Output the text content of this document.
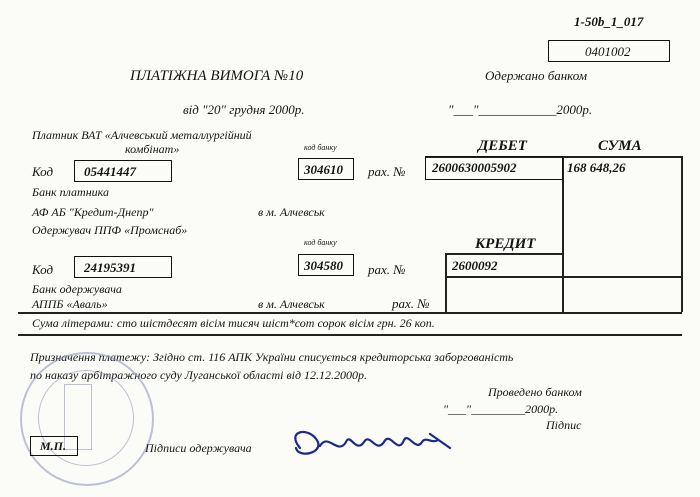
1-50b_1_017
0401002
ПЛАТІЖНА ВИМОГА №10	Одержано банком
від "20" грудня 2000р.	"___"____________2000р.
Платник ВАТ «Алчевський металлургійний
комбінат»	код банку	ДЕБЕТ	СУМА
Код 05441447	304610 рах. № 2600630005902	168 648,26
Банк платника
АФ АБ "Кредит-Днепр"	в м. Алчевськ
Одержувач ППФ «Промснаб»
код банку	КРЕДИТ
Код 24195391	304580 рах. №	2600092
Банк одержувача
АППБ «Аваль»	в м. Алчевськ	рах. №
Сума літерами: сто шістдесят вісім тисяч шіст*сот сорок вісім грн. 26 коп.
Призначення платежу: Згідно ст. 116 АПК України списується кредиторська заборгованість
по наказу арбітражного суду Луганської області від 12.12.2000р.
Проведено банком
"___"_________2000р.
Підпис
М.П.	Підписи одержувача
